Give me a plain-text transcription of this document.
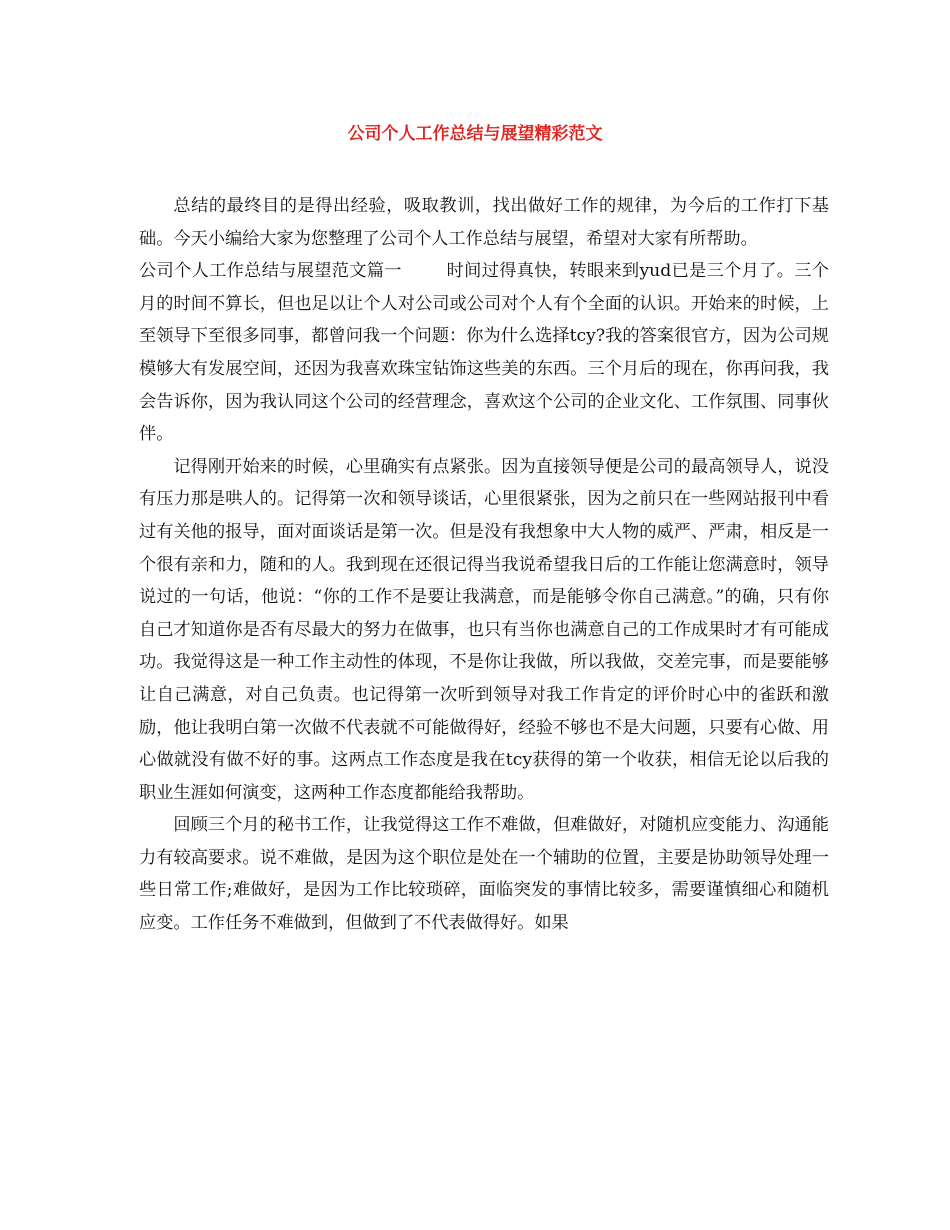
公司个人工作总结与展望精彩范文

总结的最终目的是得出经验，吸取教训，找出做好工作的规律，为今后的工作打下基础。今天小编给大家为您整理了公司个人工作总结与展望，希望对大家有所帮助。

公司个人工作总结与展望范文篇一	时间过得真快，转眼来到yud已是三个月了。三个月的时间不算长，但也足以让个人对公司或公司对个人有个全面的认识。开始来的时候，上至领导下至很多同事，都曾问我一个问题：你为什么选择tcy?我的答案很官方，因为公司规模够大有发展空间，还因为我喜欢珠宝钻饰这些美的东西。三个月后的现在，你再问我，我会告诉你，因为我认同这个公司的经营理念，喜欢这个公司的企业文化、工作氛围、同事伙伴。

记得刚开始来的时候，心里确实有点紧张。因为直接领导便是公司的最高领导人，说没有压力那是哄人的。记得第一次和领导谈话，心里很紧张，因为之前只在一些网站报刊中看过有关他的报导，面对面谈话是第一次。但是没有我想象中大人物的威严、严肃，相反是一个很有亲和力，随和的人。我到现在还很记得当我说希望我日后的工作能让您满意时，领导说过的一句话，他说：“你的工作不是要让我满意，而是能够令你自己满意。”的确，只有你自己才知道你是否有尽最大的努力在做事，也只有当你也满意自己的工作成果时才有可能成功。我觉得这是一种工作主动性的体现，不是你让我做，所以我做，交差完事，而是要能够让自己满意，对自己负责。也记得第一次听到领导对我工作肯定的评价时心中的雀跃和激励，他让我明白第一次做不代表就不可能做得好，经验不够也不是大问题，只要有心做、用心做就没有做不好的事。这两点工作态度是我在tcy获得的第一个收获，相信无论以后我的职业生涯如何演变，这两种工作态度都能给我帮助。

回顾三个月的秘书工作，让我觉得这工作不难做，但难做好，对随机应变能力、沟通能力有较高要求。说不难做，是因为这个职位是处在一个辅助的位置，主要是协助领导处理一些日常工作;难做好，是因为工作比较琐碎，面临突发的事情比较多，需要谨慎细心和随机应变。工作任务不难做到，但做到了不代表做得好。如果
